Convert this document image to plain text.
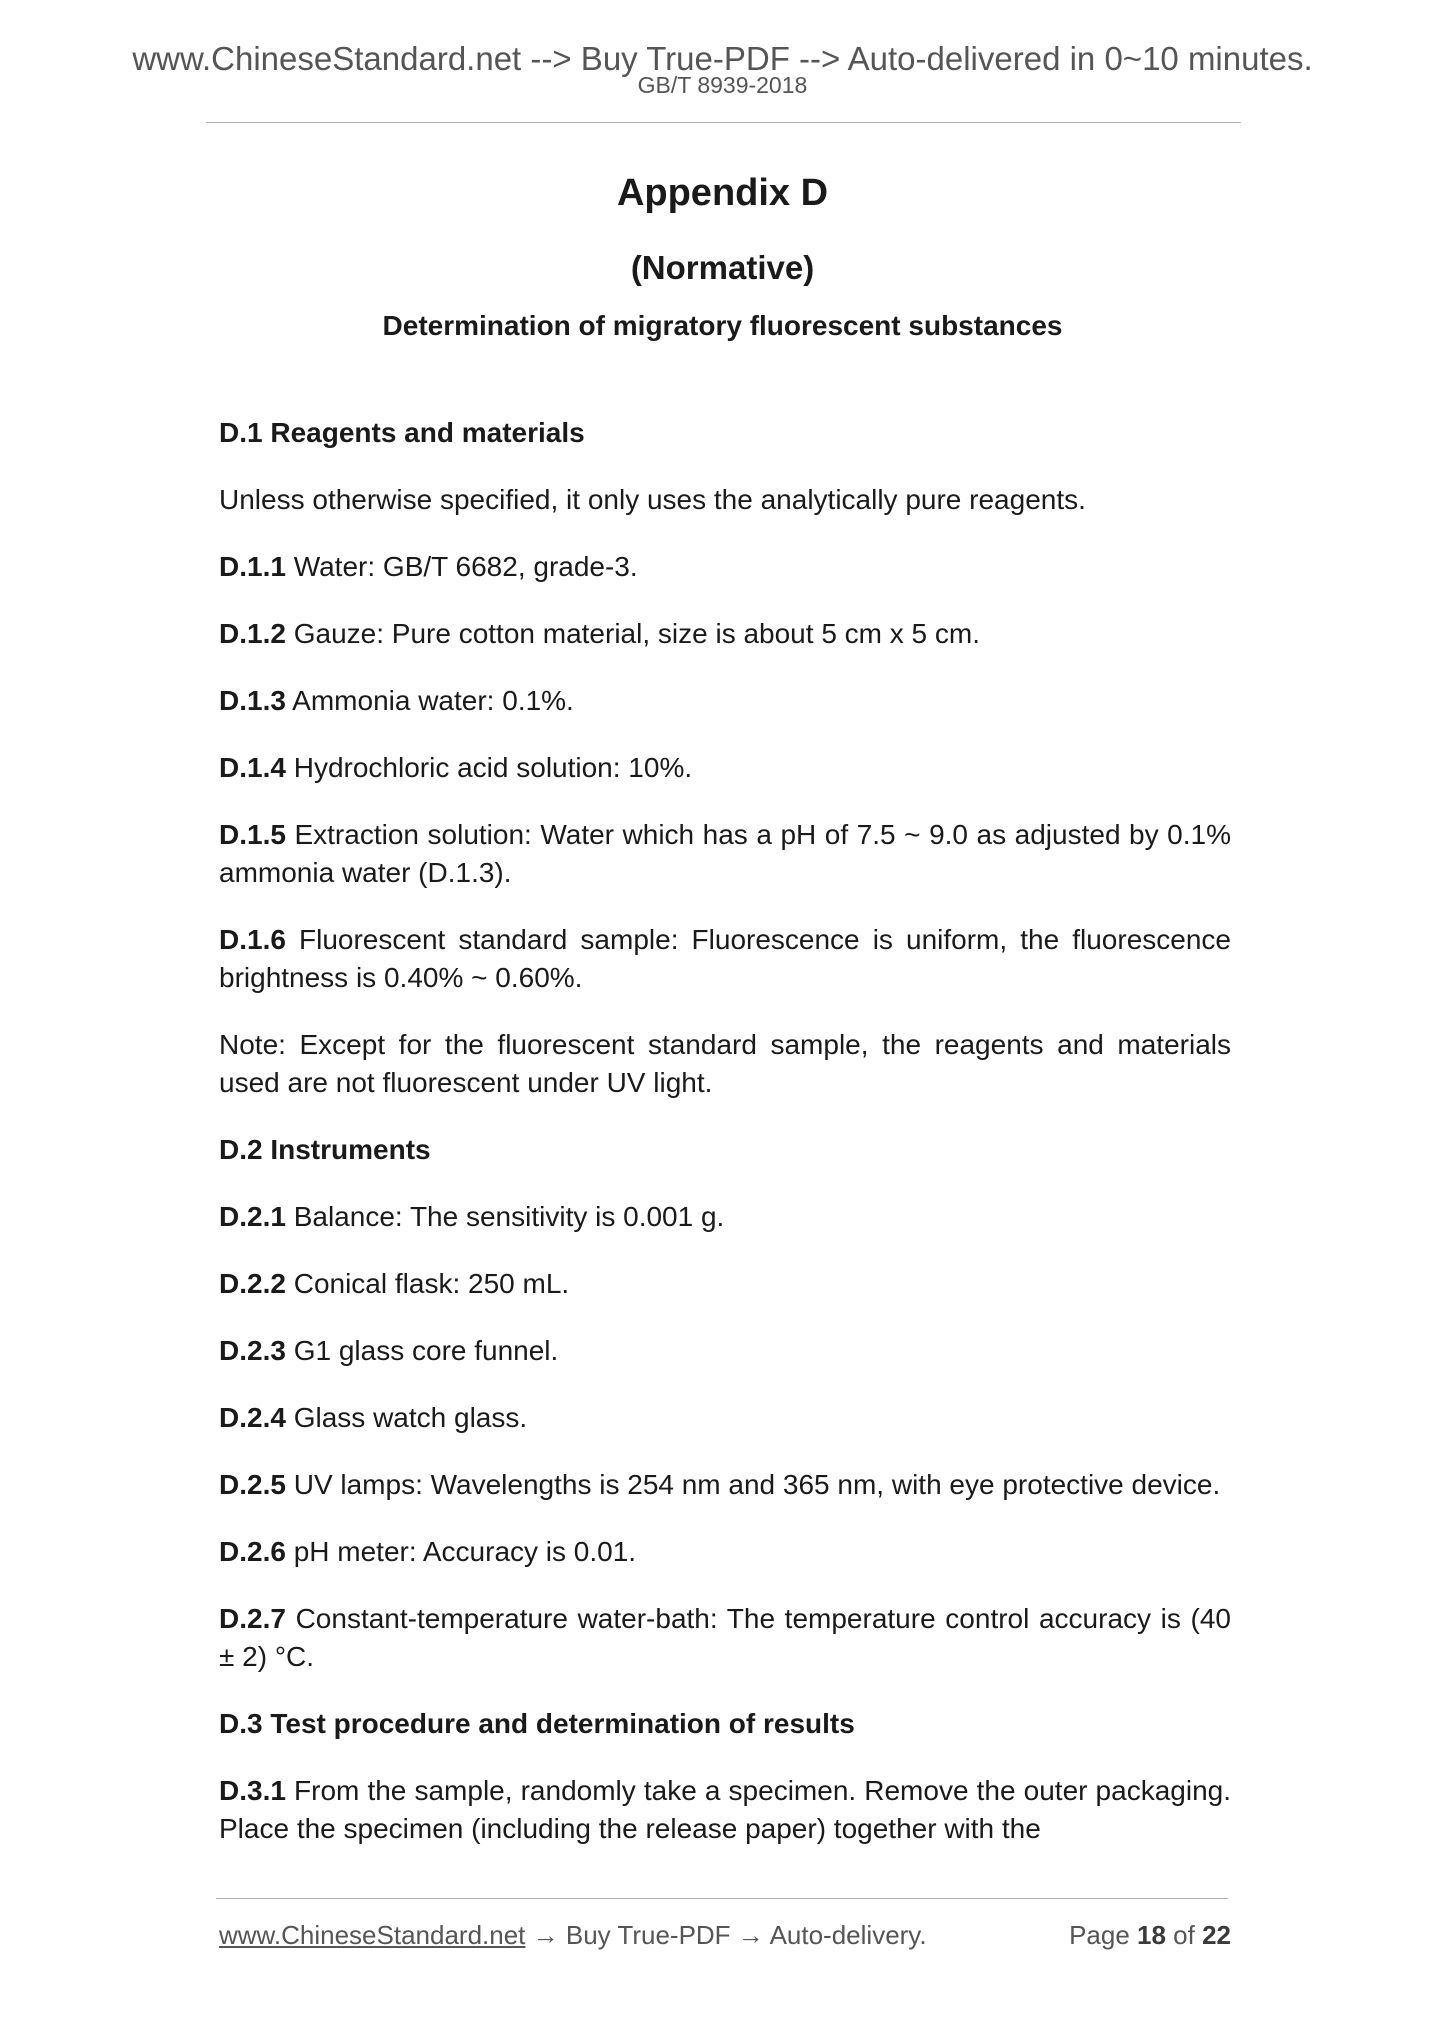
www.ChineseStandard.net --> Buy True-PDF --> Auto-delivered in 0~10 minutes.
GB/T 8939-2018
Appendix D
(Normative)
Determination of migratory fluorescent substances

D.1 Reagents and materials

Unless otherwise specified, it only uses the analytically pure reagents.

D.1.1 Water: GB/T 6682, grade-3.

D.1.2 Gauze: Pure cotton material, size is about 5 cm x 5 cm.

D.1.3 Ammonia water: 0.1%.

D.1.4 Hydrochloric acid solution: 10%.

D.1.5 Extraction solution: Water which has a pH of 7.5 ~ 9.0 as adjusted by 0.1% ammonia water (D.1.3).

D.1.6 Fluorescent standard sample: Fluorescence is uniform, the fluorescence brightness is 0.40% ~ 0.60%.

Note: Except for the fluorescent standard sample, the reagents and materials used are not fluorescent under UV light.

D.2 Instruments

D.2.1 Balance: The sensitivity is 0.001 g.

D.2.2 Conical flask: 250 mL.

D.2.3 G1 glass core funnel.

D.2.4 Glass watch glass.

D.2.5 UV lamps: Wavelengths is 254 nm and 365 nm, with eye protective device.

D.2.6 pH meter: Accuracy is 0.01.

D.2.7 Constant-temperature water-bath: The temperature control accuracy is (40 ± 2) °C.

D.3 Test procedure and determination of results

D.3.1 From the sample, randomly take a specimen. Remove the outer packaging. Place the specimen (including the release paper) together with the

www.ChineseStandard.net → Buy True-PDF → Auto-delivery.	Page 18 of 22
